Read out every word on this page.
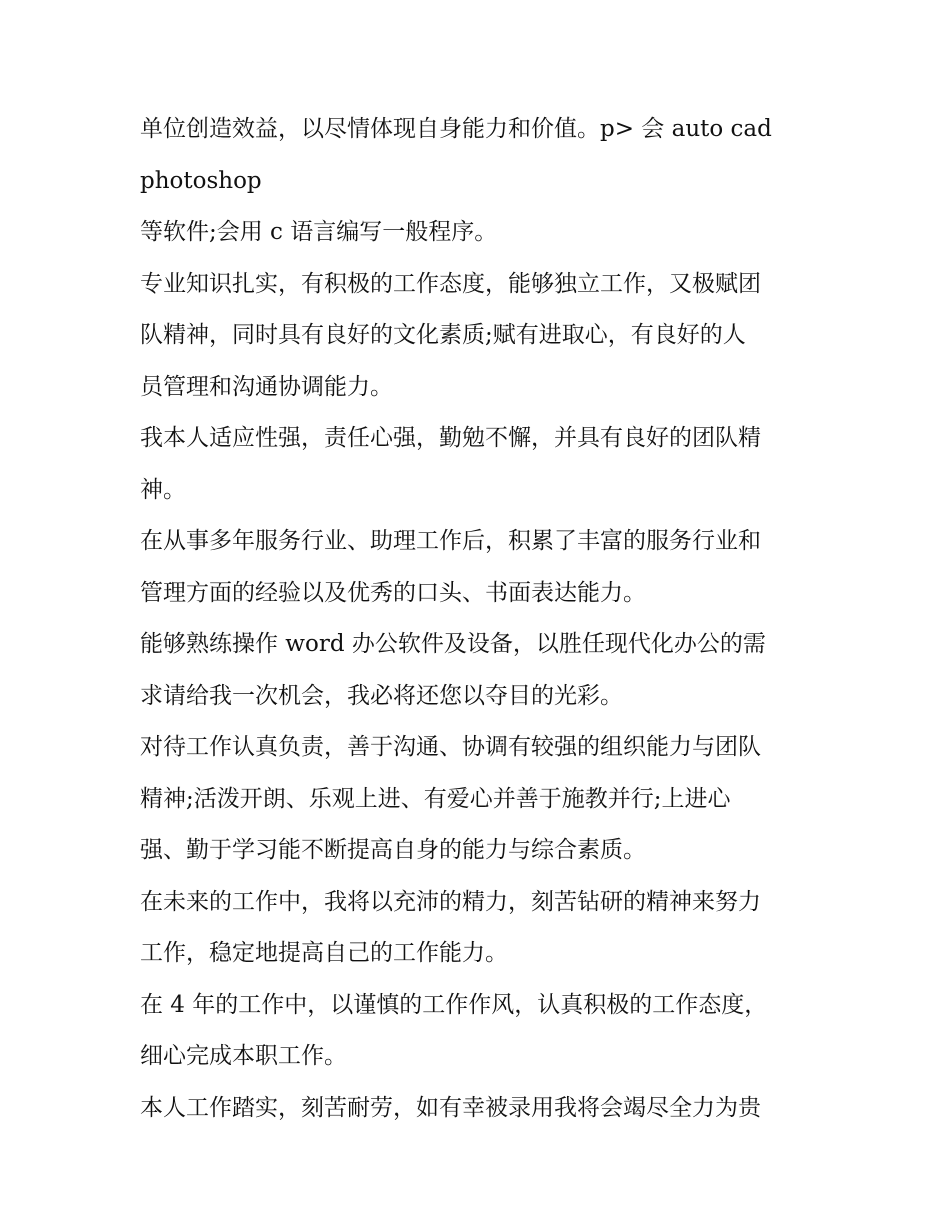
单位创造效益，以尽情体现自身能力和价值。p> 会 auto cad
photoshop
等软件;会用 c 语言编写一般程序。
专业知识扎实，有积极的工作态度，能够独立工作，又极赋团
队精神，同时具有良好的文化素质;赋有进取心，有良好的人
员管理和沟通协调能力。
我本人适应性强，责任心强，勤勉不懈，并具有良好的团队精
神。
在从事多年服务行业、助理工作后，积累了丰富的服务行业和
管理方面的经验以及优秀的口头、书面表达能力。
能够熟练操作 word 办公软件及设备，以胜任现代化办公的需
求请给我一次机会，我必将还您以夺目的光彩。
对待工作认真负责，善于沟通、协调有较强的组织能力与团队
精神;活泼开朗、乐观上进、有爱心并善于施教并行;上进心
强、勤于学习能不断提高自身的能力与综合素质。
在未来的工作中，我将以充沛的精力，刻苦钻研的精神来努力
工作，稳定地提高自己的工作能力。
在 4 年的工作中，以谨慎的工作作风，认真积极的工作态度，
细心完成本职工作。
本人工作踏实，刻苦耐劳，如有幸被录用我将会竭尽全力为贵
